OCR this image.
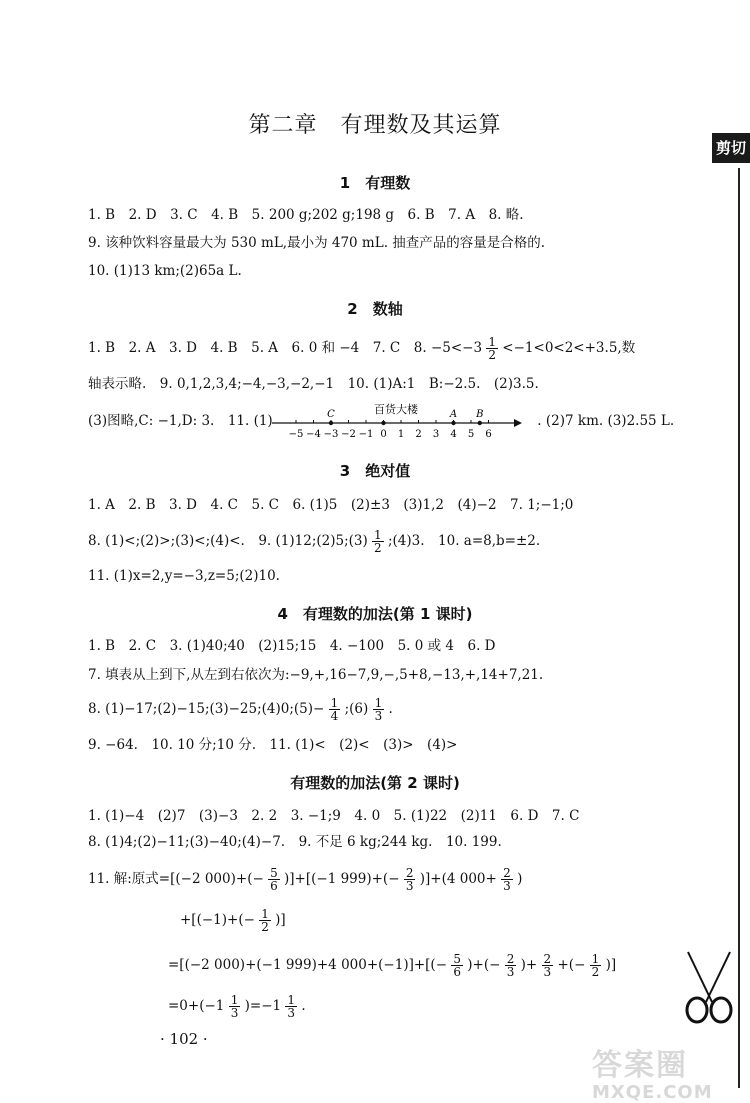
第二章　有理数及其运算
剪切
1　有理数
1. B　2. D　3. C　4. B　5. 200 g;202 g;198 g　6. B　7. A　8. 略.
9. 该种饮料容量最大为 530 mL,最小为 470 mL. 抽查产品的容量是合格的.
10. (1)13 km;(2)65a L.
2　数轴
1. B　2. A　3. D　4. B　5. A　6. 0 和 −4　7. C　8. $-5<-3 \frac{1}{2} <-1<0<2<+3.5$,数
轴表示略.　9. 0,1,2,3,4;−4,−3,−2,−1　10. (1)A:1　B:−2.5.　(2)3.5.
(3)图略,C: −1,D: 3.　11. (1)	. (2)7 km. (3)2.55 L.
百货大楼
−5 −4 −3 −2 −1 0 1 2 3 4 5 6
C	A B
3　绝对值
1. A　2. B　3. D　4. C　5. C　6. (1)5　(2)±3　(3)1,2　(4)−2　7. 1;−1;0
8. (1)<;(2)>;(3)<;(4)<.　9. (1)12;(2)5;(3) $\frac{1}{2}$ ;(4)3.　10. a=8,b=±2.
11. (1)x=2,y=−3,z=5;(2)10.
4　有理数的加法(第 1 课时)
1. B　2. C　3. (1)40;40　(2)15;15　4. −100　5. 0 或 4　6. D
7. 填表从上到下,从左到右依次为:−9,+,16−7,9,−,5+8,−13,+,14+7,21.
8. (1)−17;(2)−15;(3)−25;(4)0;(5)− $\frac{1}{4}$ ;(6) $\frac{1}{3}$ .
9. −64.　10. 10 分;10 分.　11. (1)<　(2)<　(3)>　(4)>
有理数的加法(第 2 课时)
1. (1)−4　(2)7　(3)−3　2. 2　3. −1;9　4. 0　5. (1)22　(2)11　6. D　7. C
8. (1)4;(2)−11;(3)−40;(4)−7.　9. 不足 6 kg;244 kg.　10. 199.
11. 解:原式=[(−2 $000)+(- \frac{5}{6} )]+[(-1$ $999)+(- \frac{2}{3} )]+(4$ $000+ \frac{2}{3}$ )
$+[(-1)+(- \frac{1}{2}$ )]
=[(−2 000)+(−1 999)+4 $000+(-1)]+[(- \frac{5}{6}$ )+(− $\frac{2}{3}$ )+ $\frac{2}{3}$ +(− $\frac{1}{2}$ )]
$=0+(-1 \frac{1}{3} )=-1 \frac{1}{3}$ .
· 102 ·
答案圈
MXQE.COM
